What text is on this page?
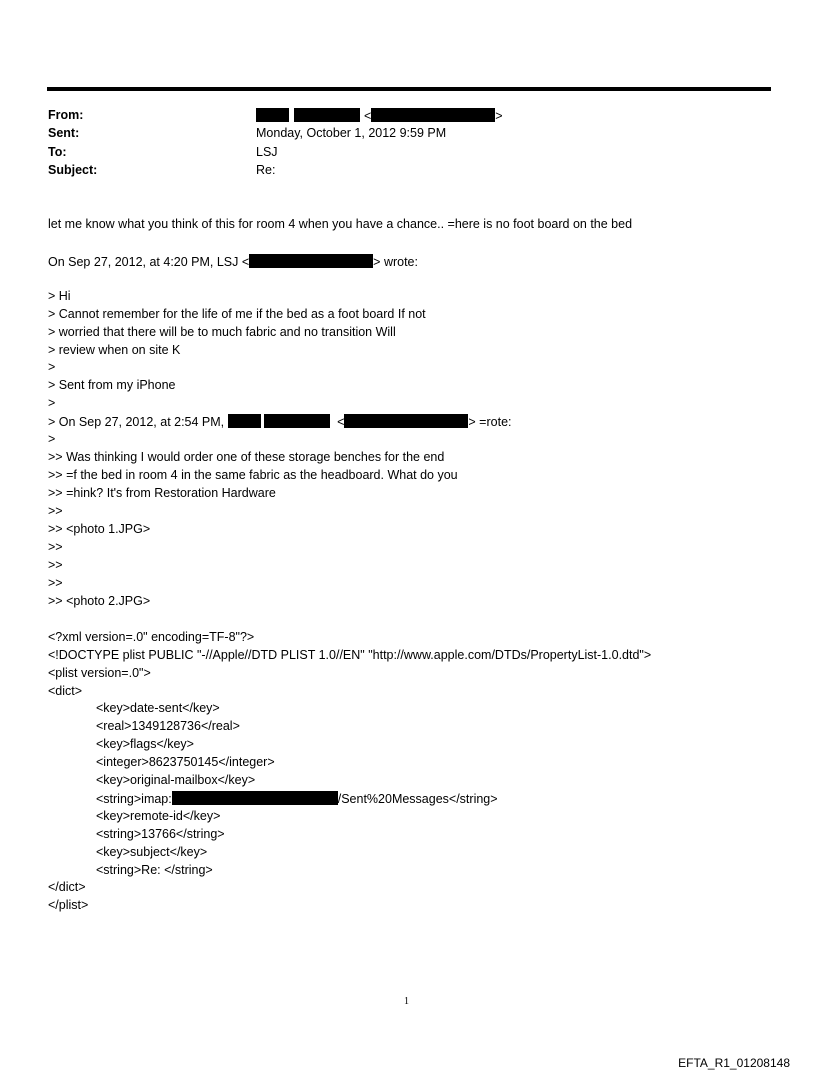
From:	<	>
Sent:	Monday, October 1, 2012 9:59 PM
To:	LSJ
Subject:	Re:
let me know what you think of this for room 4 when you have a chance.. =here is no foot board on the bed
On Sep 27, 2012, at 4:20 PM, LSJ <	> wrote:
> Hi
> Cannot remember for the life of me if the bed as a foot board If not
> worried that there will be to much fabric and no transition Will
> review when on site K
>
> Sent from my iPhone
>
> On Sep 27, 2012, at 2:54 PM,	<	> =rote:
>
>> Was thinking I would order one of these storage benches for the end
>> =f the bed in room 4 in the same fabric as the headboard. What do you
>> =hink? It's from Restoration Hardware
>>
>> <photo 1.JPG>
>>
>>
>>
>> <photo 2.JPG>
<?xml version=.0" encoding=TF-8"?>
<!DOCTYPE plist PUBLIC "-//Apple//DTD PLIST 1.0//EN" "http://www.apple.com/DTDs/PropertyList-1.0.dtd">
<plist version=.0">
<dict>
<key>date-sent</key>
<real>1349128736</real>
<key>flags</key>
<integer>8623750145</integer>
<key>original-mailbox</key>
<string>imap:	/Sent%20Messages</string>
<key>remote-id</key>
<string>13766</string>
<key>subject</key>
<string>Re: </string>
</dict>
</plist>
1
EFTA_R1_01208148
